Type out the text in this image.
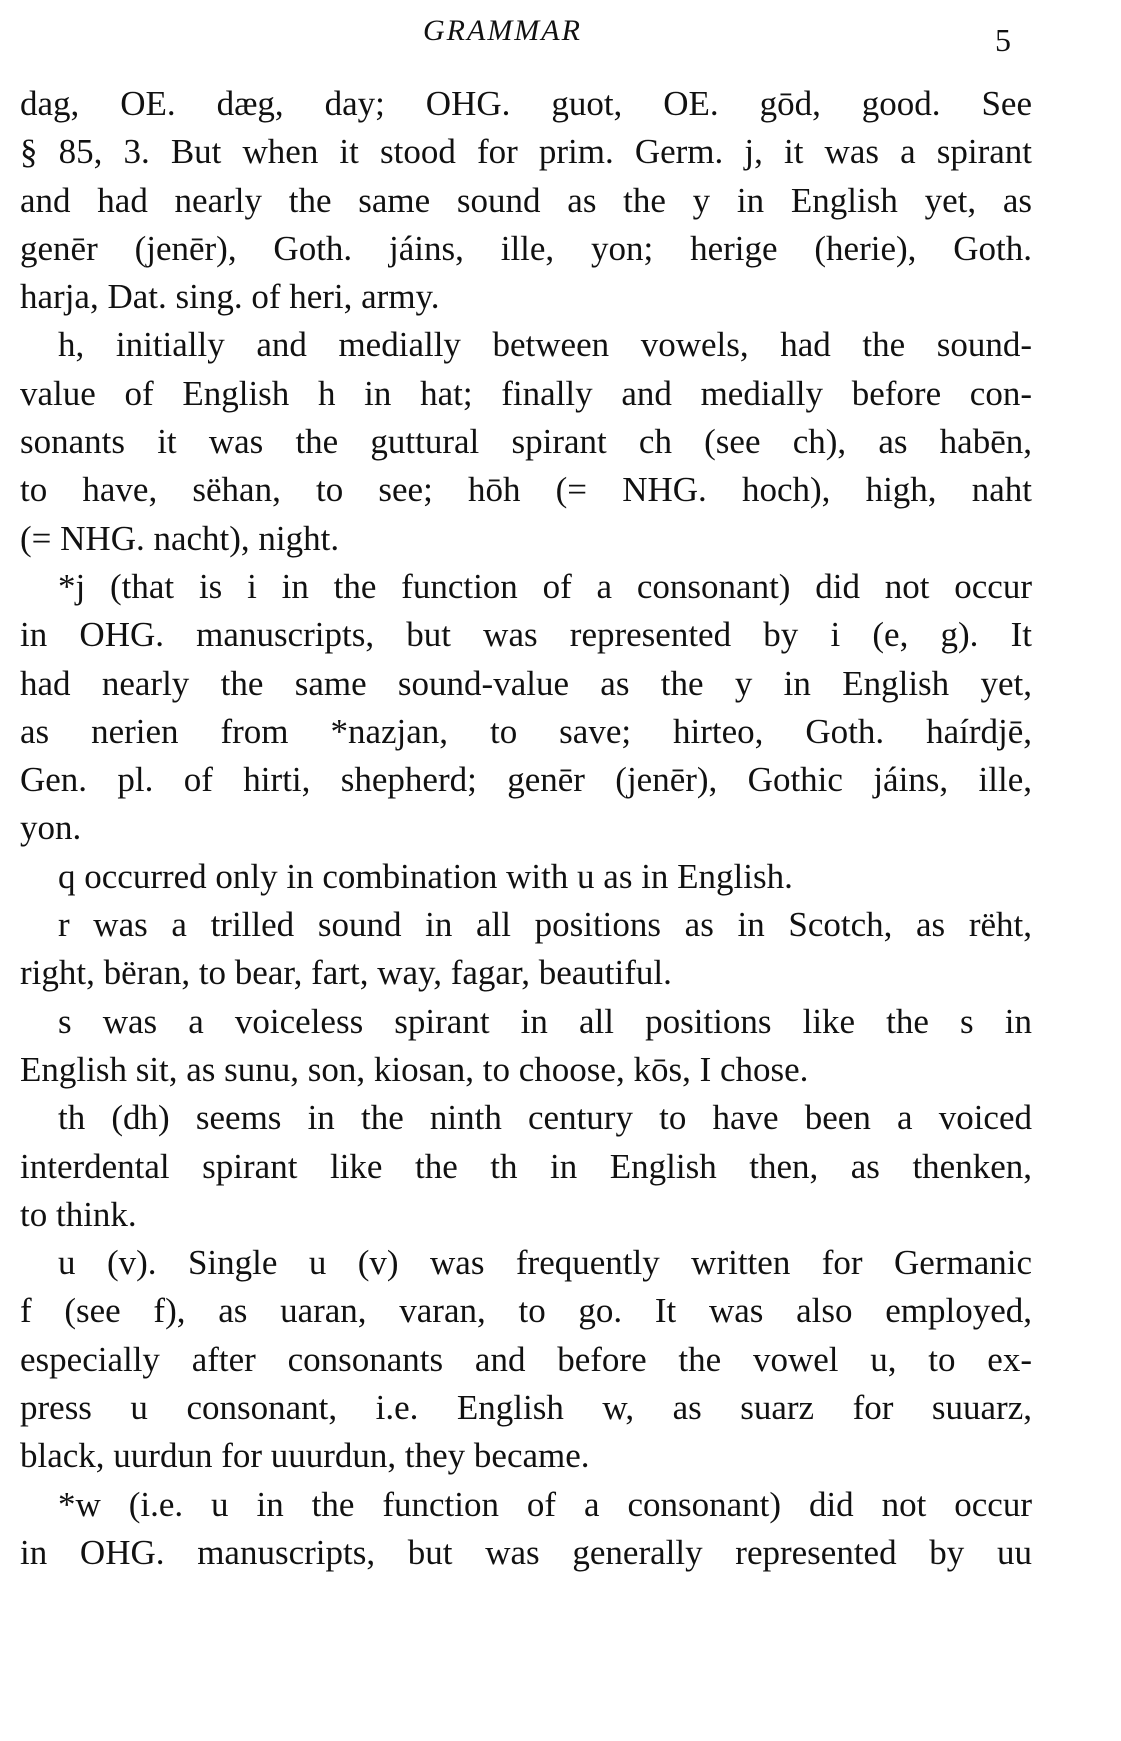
GRAMMAR	5
dag, OE. dæg, day; OHG. guot, OE. gōd, good. See
§ 85, 3. But when it stood for prim. Germ. j, it was a spirant
and had nearly the same sound as the y in English yet, as
genēr (jenēr), Goth. jáins, ille, yon; herige (herie), Goth.
harja, Dat. sing. of heri, army.
h, initially and medially between vowels, had the sound-
value of English h in hat; finally and medially before con-
sonants it was the guttural spirant ch (see ch), as habēn,
to have, sëhan, to see; hōh (= NHG. hoch), high, naht
(= NHG. nacht), night.
*j (that is i in the function of a consonant) did not occur
in OHG. manuscripts, but was represented by i (e, g). It
had nearly the same sound-value as the y in English yet,
as nerien from *nazjan, to save; hirteo, Goth. haírdjē,
Gen. pl. of hirti, shepherd; genēr (jenēr), Gothic jáins, ille,
yon.
q occurred only in combination with u as in English.
r was a trilled sound in all positions as in Scotch, as rëht,
right, bëran, to bear, fart, way, fagar, beautiful.
s was a voiceless spirant in all positions like the s in
English sit, as sunu, son, kiosan, to choose, kōs, I chose.
th (dh) seems in the ninth century to have been a voiced
interdental spirant like the th in English then, as thenken,
to think.
u (v). Single u (v) was frequently written for Germanic
f (see f), as uaran, varan, to go. It was also employed,
especially after consonants and before the vowel u, to ex-
press u consonant, i.e. English w, as suarz for suuarz,
black, uurdun for uuurdun, they became.
*w (i.e. u in the function of a consonant) did not occur
in OHG. manuscripts, but was generally represented by uu
